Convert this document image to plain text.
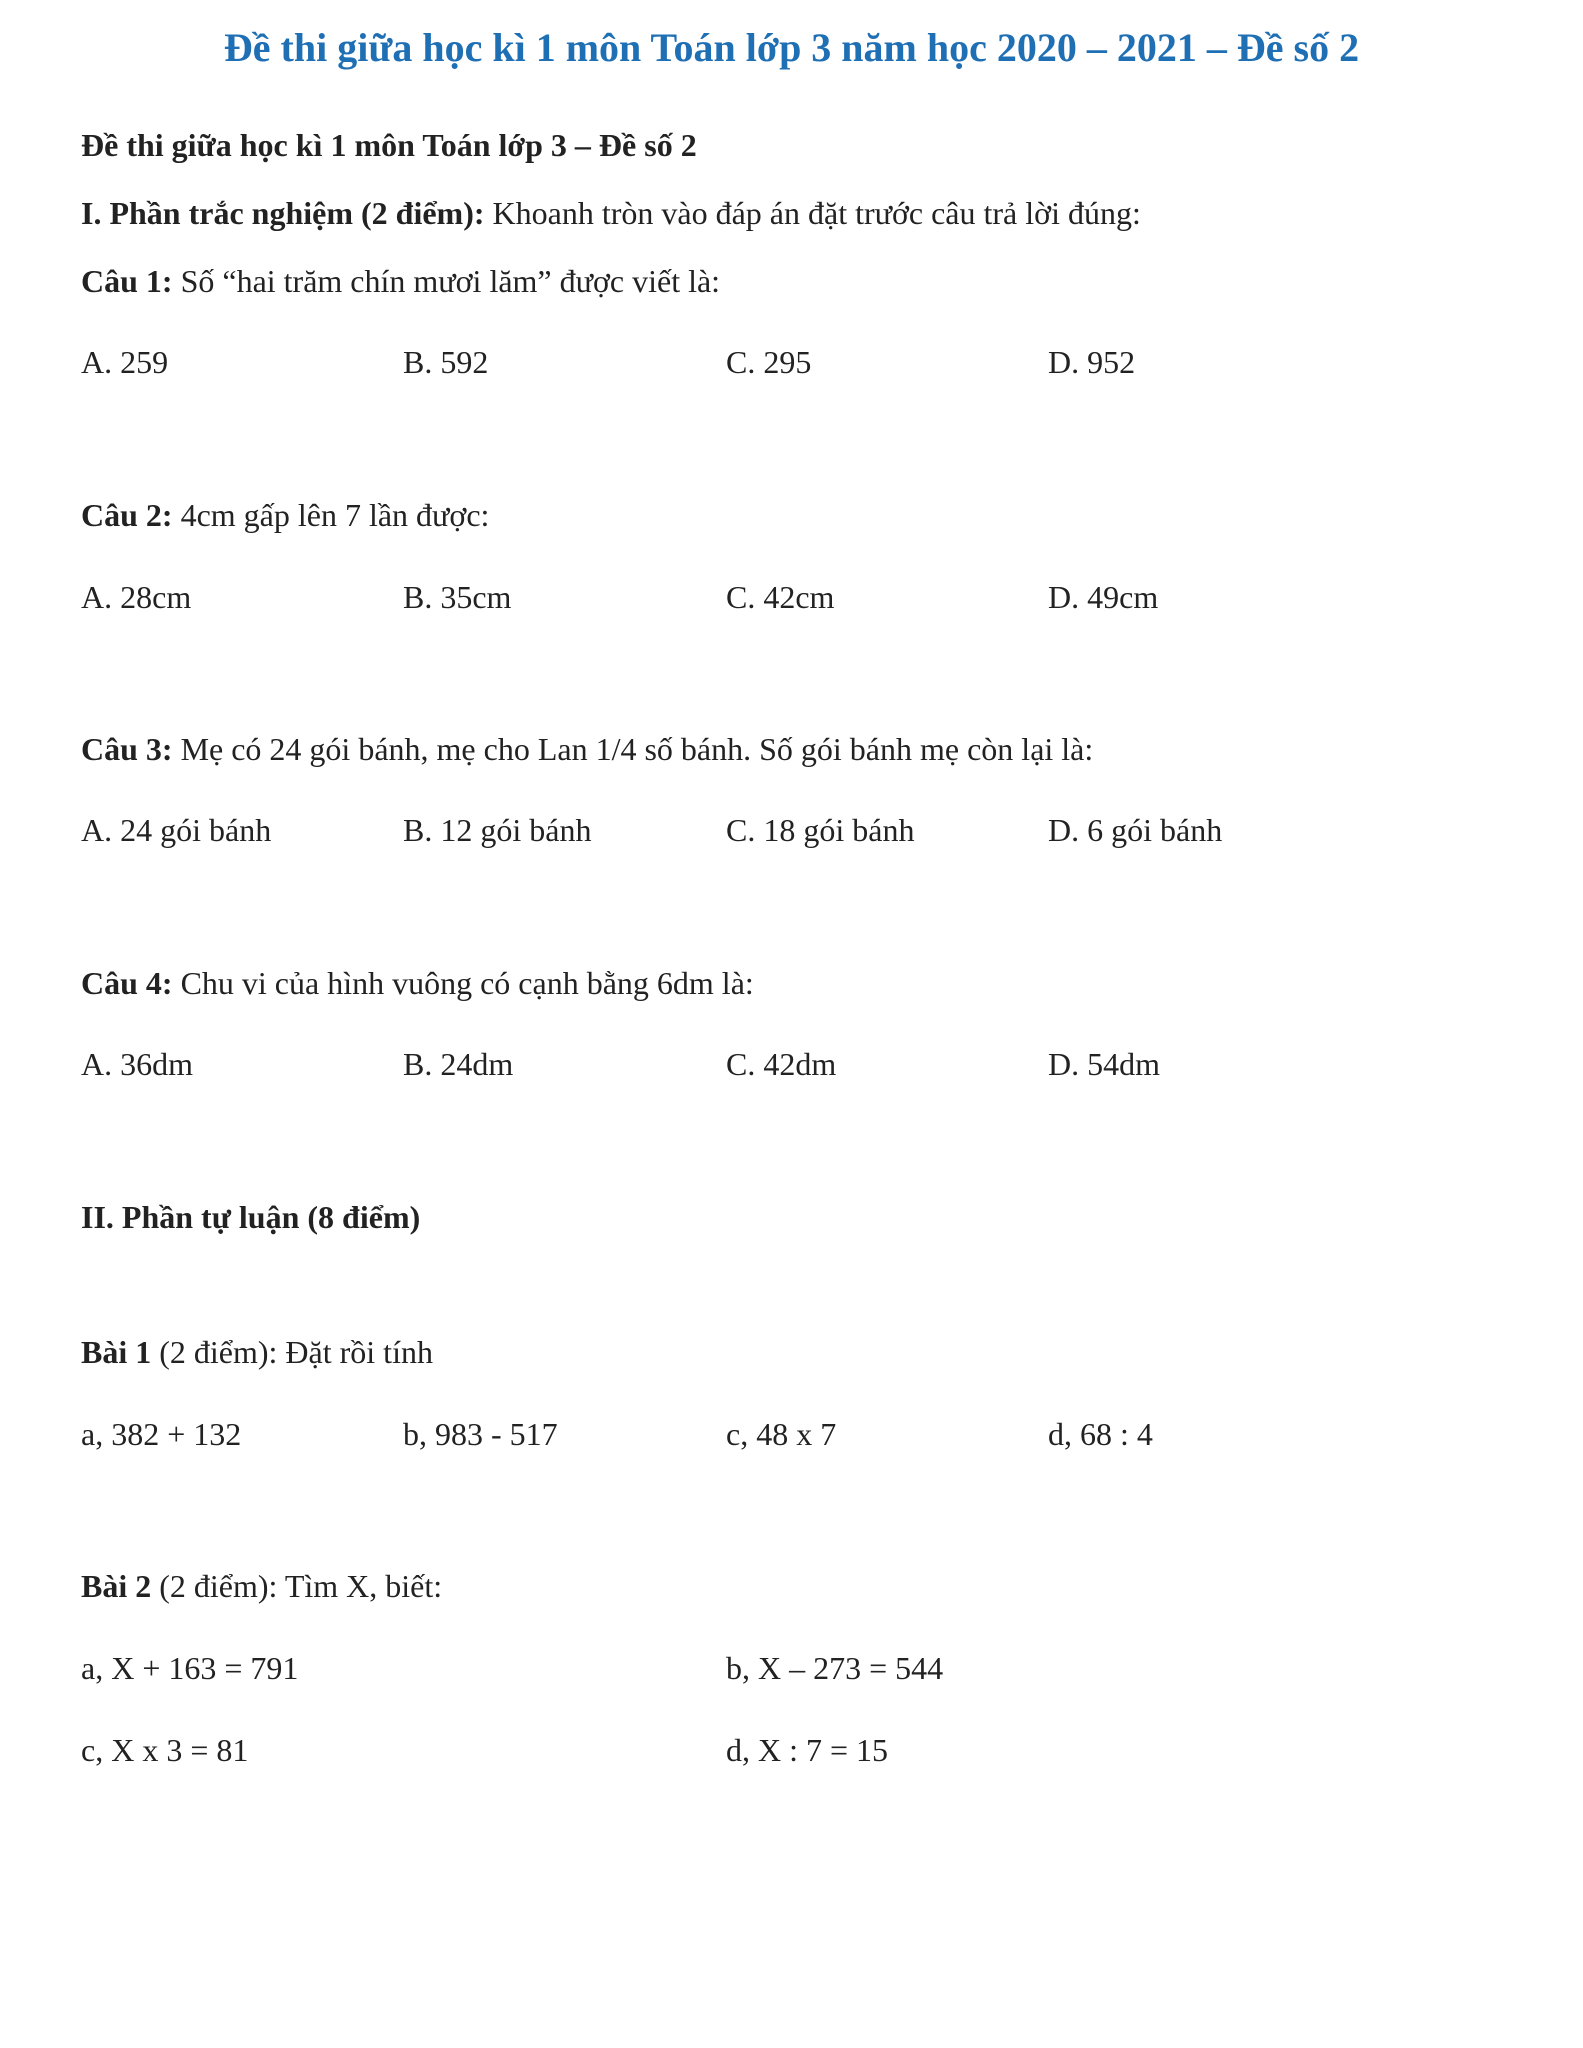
Đề thi giữa học kì 1 môn Toán lớp 3 năm học 2020 – 2021 – Đề số 2
Đề thi giữa học kì 1 môn Toán lớp 3 – Đề số 2
I. Phần trắc nghiệm (2 điểm): Khoanh tròn vào đáp án đặt trước câu trả lời đúng:
Câu 1: Số “hai trăm chín mươi lăm” được viết là:
A. 259	B. 592	C. 295	D. 952
Câu 2: 4cm gấp lên 7 lần được:
A. 28cm	B. 35cm	C. 42cm	D. 49cm
Câu 3: Mẹ có 24 gói bánh, mẹ cho Lan 1/4 số bánh. Số gói bánh mẹ còn lại là:
A. 24 gói bánh	B. 12 gói bánh	C. 18 gói bánh	D. 6 gói bánh
Câu 4: Chu vi của hình vuông có cạnh bằng 6dm là:
A. 36dm	B. 24dm	C. 42dm	D. 54dm
II. Phần tự luận (8 điểm)
Bài 1 (2 điểm): Đặt rồi tính
a, 382 + 132	b, 983 - 517	c, 48 x 7	d, 68 : 4
Bài 2 (2 điểm): Tìm X, biết:
a, X + 163 = 791	b, X – 273 = 544
c, X x 3 = 81	d, X : 7 = 15
